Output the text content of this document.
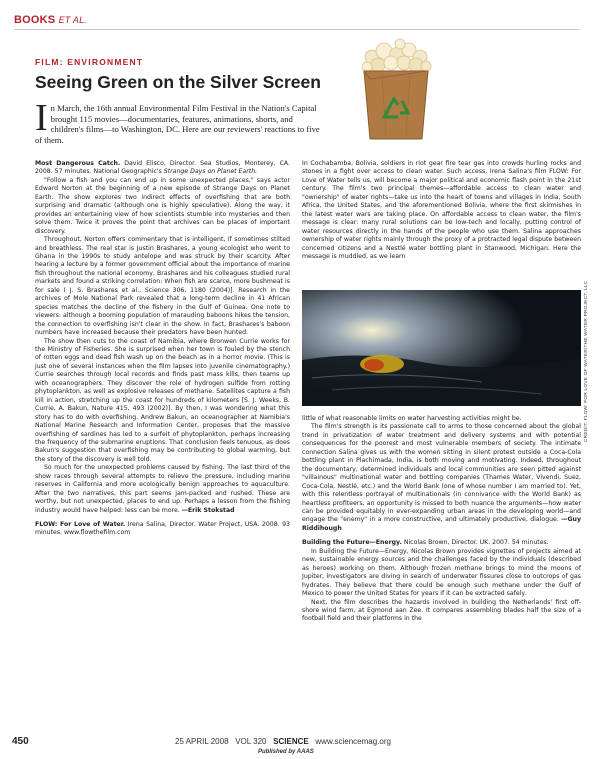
BOOKS ET AL.
FILM: ENVIRONMENT
Seeing Green on the Silver Screen
In March, the 16th annual Environmental Film Festival in the Nation's Capital brought 115 movies—documentaries, features, animations, shorts, and children's films—to Washington, DC. Here are our reviewers' reactions to five of them.

Most Dangerous Catch. David Elisco, Director. Sea Studios, Monterey, CA. 2008. 57 minutes. National Geographic's Strange Days on Planet Earth.

"Follow a fish and you can end up in some unexpected places," says actor Edward Norton at the beginning of a new episode of Strange Days on Planet Earth. The show explores two indirect effects of overfishing that are both surprising and dramatic (although one is highly speculative). Along the way, it provides an entertaining view of how scientists stumble into mysteries and then solve them. Twice it proves the point that archives can be places of important discovery.

Throughout, Norton offers commentary that is intelligent, if sometimes stilted and breathless. The real star is Justin Brashares, a young ecologist who went to Ghana in the 1990s to study antelope and was struck by their scarcity. After hearing a lecture by a former government official about the importance of marine fish throughout the national economy, Brashares and his colleagues studied rural markets and found a striking correlation: When fish are scarce, more bushmeat is for sale ( J. S. Brashares et al., Science 306, 1180 (2004)]. Research in the archives of Mole National Park revealed that a long-term decline in 41 African species matches the decline of the fishery in the Gulf of Guinea. One note to viewers: although a booming population of marauding baboons hikes the tension, the connection to overfishing isn't clear in the show. In fact, Brashares's baboon numbers have increased because their predators have been hunted.

The show then cuts to the coast of Namibia, where Bronwen Currie works for the Ministry of Fisheries. She is surprised when her town is fouled by the stench of rotten eggs and dead fish wash up on the beach as in a horror movie. (This is just one of several instances when the film lapses into juvenile cinematography.) Currie searches through local records and finds past mass kills, then teams up with oceanographers. They discover the role of hydrogen sulfide from rotting phytoplankton, as well as explosive releases of methane. Satellites capture a fish kill in action, stretching up the coast for hundreds of kilometers [S. J. Weeks, B. Currie, A. Bakun, Nature 415, 493 (2002)]. By then, I was wondering what this story has to do with overfishing. Andrew Bakun, an oceanographer at Namibia's National Marine Research and Information Center, proposes that the massive overfishing of sardines has led to a surfeit of phytoplankton, perhaps increasing the frequency of the submarine eruptions. That conclusion feels tenuous, as does Bakun's suggestion that overfishing may be contributing to global warming, but the story of the discovery is well told.

So much for the unexpected problems caused by fishing. The last third of the show races through several attempts to relieve the pressure, including marine reserves in California and more ecologically benign approaches to aquaculture. After the two narratives, this part seems jam-packed and rushed. These are worthy, but not unexpected, places to end up. Perhaps a lesson from the fishing industry would have helped: less can be more. —Erik Stokstad

FLOW: For Love of Water. Irena Salina, Director. Water Project, USA. 2008. 93 minutes. www.flowthefilm.com

In Cochabamba, Bolivia, soldiers in riot gear fire tear gas into crowds hurling rocks and stones in a fight over access to clean water. Such access, Irena Salina's film FLOW: For Love of Water tells us, will become a major political and economic flash point in the 21st century. The film's two principal themes—affordable access to clean water and "ownership" of water rights—take us into the heart of towns and villages in India, South Africa, the United States, and the aforementioned Bolivia, where the first skirmishes in the latest water wars are taking place. On affordable access to clean water, the film's message is clear: many rural solutions can be low-tech and locally, putting control of water resources directly in the hands of the people who use them. Salina approaches ownership of water rights mainly through the proxy of a protracted legal dispute between concerned citizens and a Nestlé water bottling plant in Stanwood, Michigan. Here the message is muddled, as we learn

little of what reasonable limits on water harvesting activities might be.

The film's strength is its passionate call to arms to those concerned about the global trend in privatization of water treatment and delivery systems and with potential consequences for the poorest and most vulnerable members of society. The intimate connection Salina gives us with the women sitting in silent protest outside a Coca-Cola bottling plant in Plachimada, India, is both moving and motivating. Indeed, throughout the documentary, determined individuals and local communities are seen pitted against "villainous" multinational water and bottling companies (Thames Water, Vivendi, Suez, Coca-Cola, Nestlé, etc.) and the World Bank (one of whose number I am married to). Yet, with this relentless portrayal of multinationals (in connivance with the World Bank) as heartless profiteers, an opportunity is missed to both nuance the arguments—how water can be provided equitably in ever-expanding urban areas in the developing world—and engage the "enemy" in a more constructive, and ultimately productive, dialogue. —Guy Riddihough

Building the Future—Energy. Nicolas Brown, Director. UK. 2007. 54 minutes.

In Building the Future—Energy, Nicolas Brown provides vignettes of projects aimed at new, sustainable energy sources and the challenges faced by the individuals (described as heroes) working on them. Although frozen methane brings to mind the moons of Jupiter, investigators are diving in search of underwater fissures close to outcrops of gas hydrates. They believe that there could be enough such methane under the Gulf of Mexico to power the United States for years if it can be extracted safely.

Next, the film describes the hazards involved in building the Netherlands' first off-shore wind farm, at Egmond aan Zee. It compares assembling blades half the size of a football field and their platforms in the

CREDIT: FLOW: FOR LOVE OF WATER/THE WATER PROJECT, LLC
450	25 APRIL 2008 VOL 320 SCIENCE www.sciencemag.org
Published by AAAS
